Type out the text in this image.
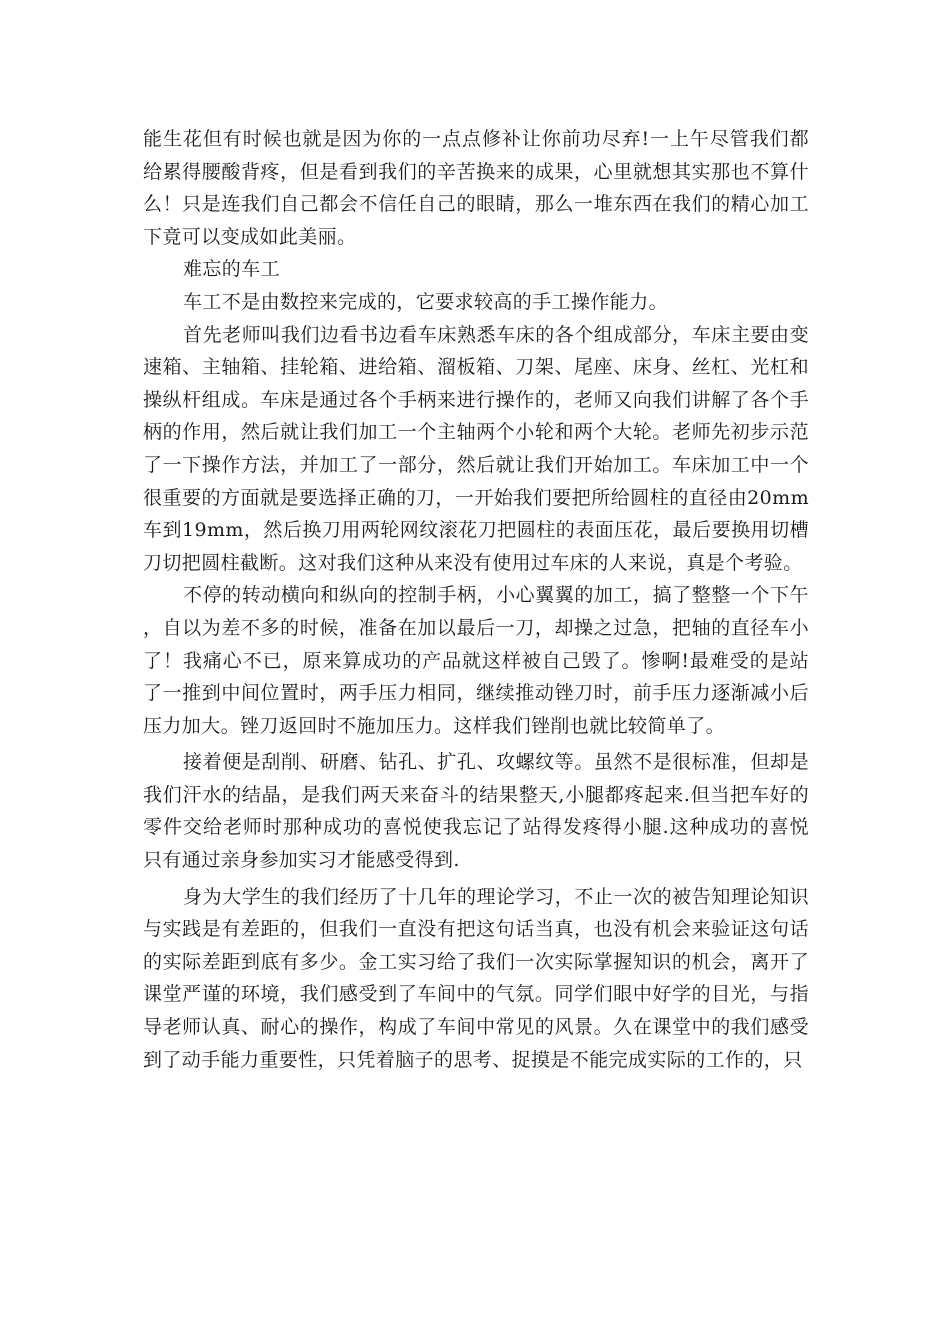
能生花但有时候也就是因为你的一点点修补让你前功尽弃!一上午尽管我们都给累得腰酸背疼，但是看到我们的辛苦换来的成果，心里就想其实那也不算什么！只是连我们自己都会不信任自己的眼睛，那么一堆东西在我们的精心加工下竟可以变成如此美丽。

难忘的车工

车工不是由数控来完成的，它要求较高的手工操作能力。

首先老师叫我们边看书边看车床熟悉车床的各个组成部分，车床主要由变速箱、主轴箱、挂轮箱、进给箱、溜板箱、刀架、尾座、床身、丝杠、光杠和操纵杆组成。车床是通过各个手柄来进行操作的，老师又向我们讲解了各个手柄的作用，然后就让我们加工一个主轴两个小轮和两个大轮。老师先初步示范了一下操作方法，并加工了一部分，然后就让我们开始加工。车床加工中一个很重要的方面就是要选择正确的刀，一开始我们要把所给圆柱的直径由20mm车到19mm，然后换刀用两轮网纹滚花刀把圆柱的表面压花，最后要换用切槽刀切把圆柱截断。这对我们这种从来没有使用过车床的人来说，真是个考验。

不停的转动横向和纵向的控制手柄，小心翼翼的加工，搞了整整一个下午，自以为差不多的时候，准备在加以最后一刀，却操之过急，把轴的直径车小了！我痛心不已，原来算成功的产品就这样被自己毁了。惨啊!最难受的是站了一推到中间位置时，两手压力相同，继续推动锉刀时，前手压力逐渐减小后压力加大。锉刀返回时不施加压力。这样我们锉削也就比较简单了。

接着便是刮削、研磨、钻孔、扩孔、攻螺纹等。虽然不是很标准，但却是我们汗水的结晶，是我们两天来奋斗的结果整天,小腿都疼起来.但当把车好的零件交给老师时那种成功的喜悦使我忘记了站得发疼得小腿.这种成功的喜悦只有通过亲身参加实习才能感受得到.

身为大学生的我们经历了十几年的理论学习，不止一次的被告知理论知识与实践是有差距的，但我们一直没有把这句话当真，也没有机会来验证这句话的实际差距到底有多少。金工实习给了我们一次实际掌握知识的机会，离开了课堂严谨的环境，我们感受到了车间中的气氛。同学们眼中好学的目光，与指导老师认真、耐心的操作，构成了车间中常见的风景。久在课堂中的我们感受到了动手能力重要性，只凭着脑子的思考、捉摸是不能完成实际的工作的，只
